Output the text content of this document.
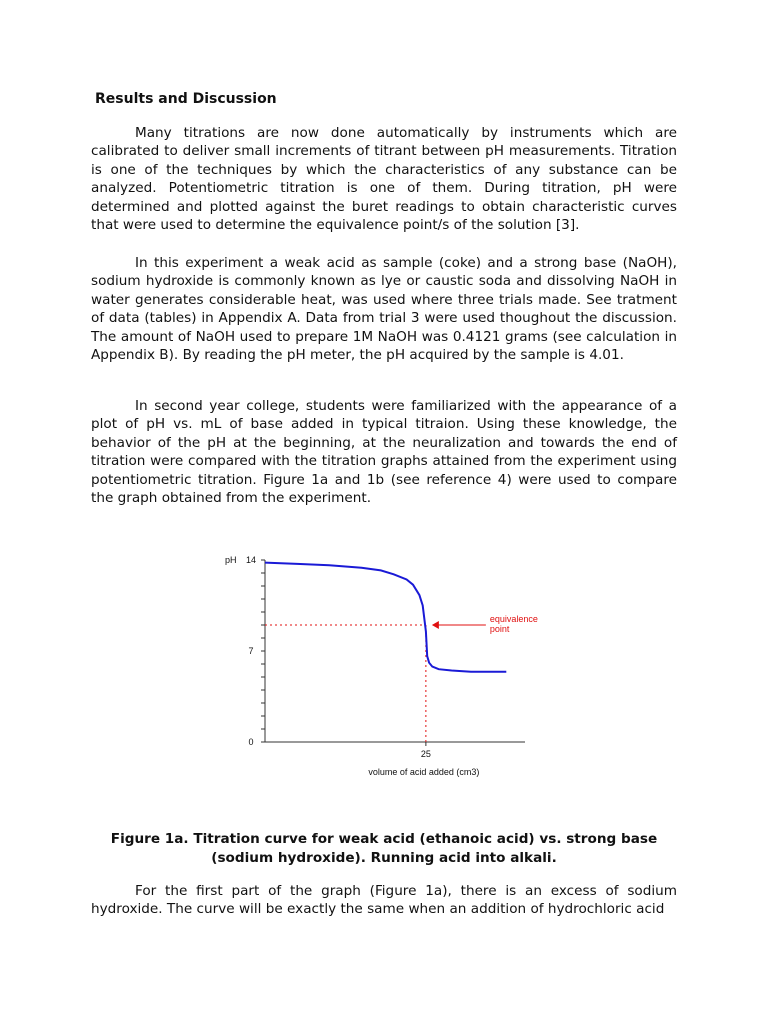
Results and Discussion

Many titrations are now done automatically by instruments which are calibrated to deliver small increments of titrant between pH measurements. Titration is one of the techniques by which the characteristics of any substance can be analyzed. Potentiometric titration is one of them. During titration, pH were determined and plotted against the buret readings to obtain characteristic curves that were used to determine the equivalence point/s of the solution [3].

In this experiment a weak acid as sample (coke) and a strong base (NaOH), sodium hydroxide is commonly known as lye or caustic soda and dissolving NaOH in water generates considerable heat, was used where three trials made. See tratment of data (tables) in Appendix A. Data from trial 3 were used thoughout the discussion. The amount of NaOH used to prepare 1M NaOH was 0.4121 grams (see calculation in Appendix B). By reading the pH meter, the pH acquired by the sample is 4.01.

In second year college, students were familiarized with the appearance of a plot of pH vs. mL of base added in typical titraion. Using these knowledge, the behavior of the pH at the beginning, at the neuralization and towards the end of titration were compared with the titration graphs attained from the experiment using potentiometric titration. Figure 1a and 1b (see reference 4) were used to compare the graph obtained from the experiment.

pH 14
7
0
25
volume of acid added (cm3)
equivalence point

Figure 1a. Titration curve for weak acid (ethanoic acid) vs. strong base (sodium hydroxide). Running acid into alkali.

For the first part of the graph (Figure 1a), there is an excess of sodium hydroxide. The curve will be exactly the same when an addition of hydrochloric acid
